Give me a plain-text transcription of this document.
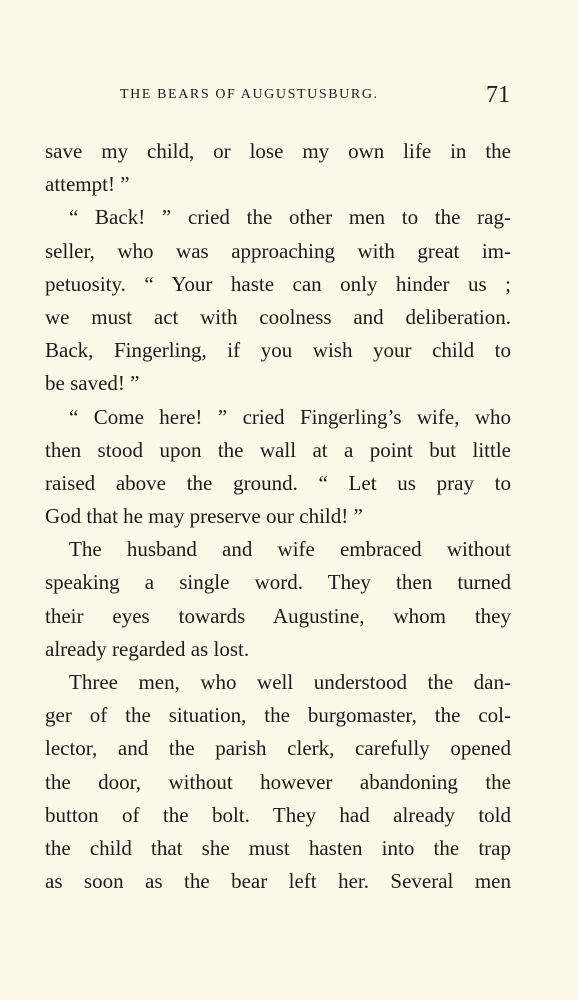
THE BEARS OF AUGUSTUSBURG.	71
save my child, or lose my own life in the
attempt! ”
“ Back! ” cried the other men to the rag-
seller, who was approaching with great im-
petuosity. “ Your haste can only hinder us ;
we must act with coolness and deliberation.
Back, Fingerling, if you wish your child to
be saved! ”
“ Come here! ” cried Fingerling’s wife, who
then stood upon the wall at a point but little
raised above the ground. “ Let us pray to
God that he may preserve our child! ”
The husband and wife embraced without
speaking a single word. They then turned
their eyes towards Augustine, whom they
already regarded as lost.
Three men, who well understood the dan-
ger of the situation, the burgomaster, the col-
lector, and the parish clerk, carefully opened
the door, without however abandoning the
button of the bolt. They had already told
the child that she must hasten into the trap
as soon as the bear left her. Several men
